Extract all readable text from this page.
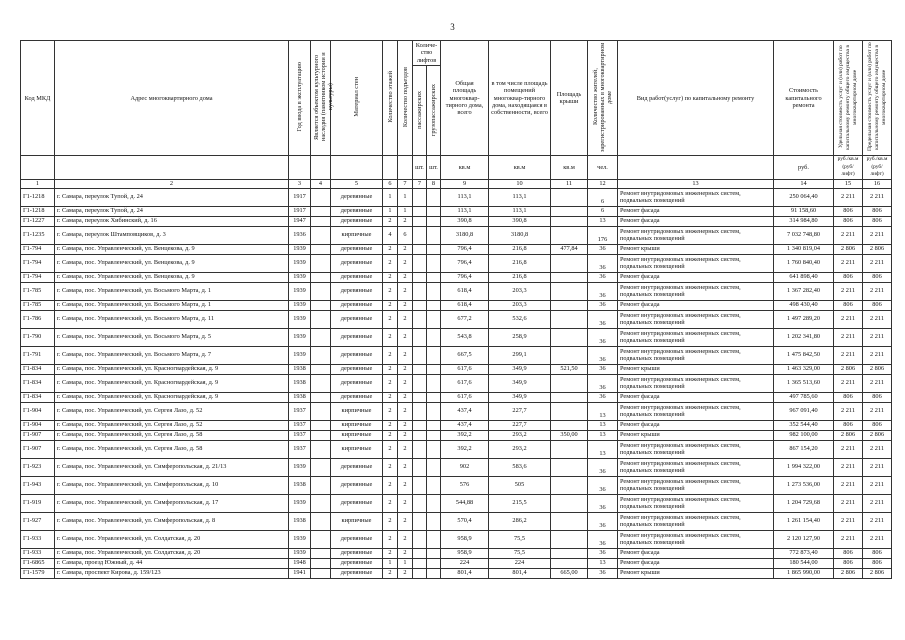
3
Код МКД	Адрес многоквартирного дома	Год ввода в эксплуатацию	Является объектом культурного наследия (памятником истории и культуры)	Материал стен	Количество этажей	Количество подъездов	Количе-ство лифтов		Общая площадь многоквар-тирного дома, всего	в том числе площадь помещений многоквар-тирного дома, находящаяся в собственности, всего	Площадь крыши	Количество жителей, зарегистрированных в многоквартирном доме	Вид работ(услуг) по капитальному ремонту	Стоимость капитального ремонта	Удельная стоимость услуг и (или) работ по капитальному ремонту общего имущества в многоквартирном доме	Предельная стоимость услуг и (или) работ по капитальному ремонту общего имущества в многоквартирном доме
							пассажирских	грузопассажирских								
							шт.	шт.	кв.м	кв.м	кв.м	чел.		руб.	руб./кв.м (руб/лифт)	руб./кв.м (руб/лифт)
1	2	3	4	5	6	7	7	8	9	10	11	12	13	14	15	16
Г1-1218	г. Самара, переулок Тупой, д. 24	1917		деревянные	1	1			113,1	113,1		6	Ремонт внутридомовых инженерных систем, подвальных помещений	250 064,40	2 211	2 211
Г1-1218	г. Самара, переулок Тупой, д. 24	1917		деревянные	1	1			113,1	113,1		6	Ремонт фасада	91 158,60	806	806
Г1-1227	г. Самара, переулок Хибинский, д. 16	1947		деревянные	2	2			390,8	390,8		13	Ремонт фасада	314 984,80	806	806
Г1-1235	г. Самара, переулок Штамповщиков, д. 3	1936		кирпичные	4	6			3180,8	3180,8		176	Ремонт внутридомовых инженерных систем, подвальных помещений	7 032 748,80	2 211	2 211
Г1-794	г. Самара, пос. Управленческий, ул. Венцекова, д. 9	1939		деревянные	2	2			796,4	216,8	477,84	36	Ремонт крыши	1 340 819,04	2 806	2 806
Г1-794	г. Самара, пос. Управленческий, ул. Венцекова, д. 9	1939		деревянные	2	2			796,4	216,8		36	Ремонт внутридомовых инженерных систем, подвальных помещений	1 760 840,40	2 211	2 211
Г1-794	г. Самара, пос. Управленческий, ул. Венцекова, д. 9	1939		деревянные	2	2			796,4	216,8		36	Ремонт фасада	641 898,40	806	806
Г1-785	г. Самара, пос. Управленческий, ул. Восьмого Марта, д. 1	1939		деревянные	2	2			618,4	203,3		36	Ремонт внутридомовых инженерных систем, подвальных помещений	1 367 282,40	2 211	2 211
Г1-785	г. Самара, пос. Управленческий, ул. Восьмого Марта, д. 1	1939		деревянные	2	2			618,4	203,3		36	Ремонт фасада	498 430,40	806	806
Г1-786	г. Самара, пос. Управленческий, ул. Восьмого Марта, д. 11	1939		деревянные	2	2			677,2	532,6		36	Ремонт внутридомовых инженерных систем, подвальных помещений	1 497 289,20	2 211	2 211
Г1-790	г. Самара, пос. Управленческий, ул. Восьмого Марта, д. 5	1939		деревянные	2	2			543,8	258,9		36	Ремонт внутридомовых инженерных систем, подвальных помещений	1 202 341,80	2 211	2 211
Г1-791	г. Самара, пос. Управленческий, ул. Восьмого Марта, д. 7	1939		деревянные	2	2			667,5	299,1		36	Ремонт внутридомовых инженерных систем, подвальных помещений	1 475 842,50	2 211	2 211
Г1-834	г. Самара, пос. Управленческий, ул. Красногвардейская, д. 9	1938		деревянные	2	2			617,6	349,9	521,50	36	Ремонт крыши	1 463 329,00	2 806	2 806
Г1-834	г. Самара, пос. Управленческий, ул. Красногвардейская, д. 9	1938		деревянные	2	2			617,6	349,9		36	Ремонт внутридомовых инженерных систем, подвальных помещений	1 365 513,60	2 211	2 211
Г1-834	г. Самара, пос. Управленческий, ул. Красногвардейская, д. 9	1938		деревянные	2	2			617,6	349,9		36	Ремонт фасада	497 785,60	806	806
Г1-904	г. Самара, пос. Управленческий, ул. Сергея Лазо, д. 52	1937		кирпичные	2	2			437,4	227,7		13	Ремонт внутридомовых инженерных систем, подвальных помещений	967 091,40	2 211	2 211
Г1-904	г. Самара, пос. Управленческий, ул. Сергея Лазо, д. 52	1937		кирпичные	2	2			437,4	227,7		13	Ремонт фасада	352 544,40	806	806
Г1-907	г. Самара, пос. Управленческий, ул. Сергея Лазо, д. 58	1937		кирпичные	2	2			392,2	293,2	350,00	13	Ремонт крыши	982 100,00	2 806	2 806
Г1-907	г. Самара, пос. Управленческий, ул. Сергея Лазо, д. 58	1937		кирпичные	2	2			392,2	293,2		13	Ремонт внутридомовых инженерных систем, подвальных помещений	867 154,20	2 211	2 211
Г1-923	г. Самара, пос. Управленческий, ул. Симферопольская, д. 21/13	1939		деревянные	2	2			902	583,6		36	Ремонт внутридомовых инженерных систем, подвальных помещений	1 994 322,00	2 211	2 211
Г1-943	г. Самара, пос. Управленческий, ул. Симферопольская, д. 10	1938		деревянные	2	2			576	505		36	Ремонт внутридомовых инженерных систем, подвальных помещений	1 273 536,00	2 211	2 211
Г1-919	г. Самара, пос. Управленческий, ул. Симферопольская, д. 17	1939		деревянные	2	2			544,88	215,5		36	Ремонт внутридомовых инженерных систем, подвальных помещений	1 204 729,68	2 211	2 211
Г1-927	г. Самара, пос. Управленческий, ул. Симферопольская, д. 8	1938		кирпичные	2	2			570,4	286,2		36	Ремонт внутридомовых инженерных систем, подвальных помещений	1 261 154,40	2 211	2 211
Г1-933	г. Самара, пос. Управленческий, ул. Солдатская, д. 20	1939		деревянные	2	2			958,9	75,5		36	Ремонт внутридомовых инженерных систем, подвальных помещений	2 120 127,90	2 211	2 211
Г1-933	г. Самара, пос. Управленческий, ул. Солдатская, д. 20	1939		деревянные	2	2			958,9	75,5		36	Ремонт фасада	772 873,40	806	806
Г1-6865	г. Самара, проезд Южный, д. 44	1948		деревянные	1	1			224	224		13	Ремонт фасада	180 544,00	806	806
Г1-1579	г. Самара, проспект Кирова, д. 159/123	1941		деревянные	2	2			801,4	801,4	665,00	36	Ремонт крыши	1 865 990,00	2 806	2 806
